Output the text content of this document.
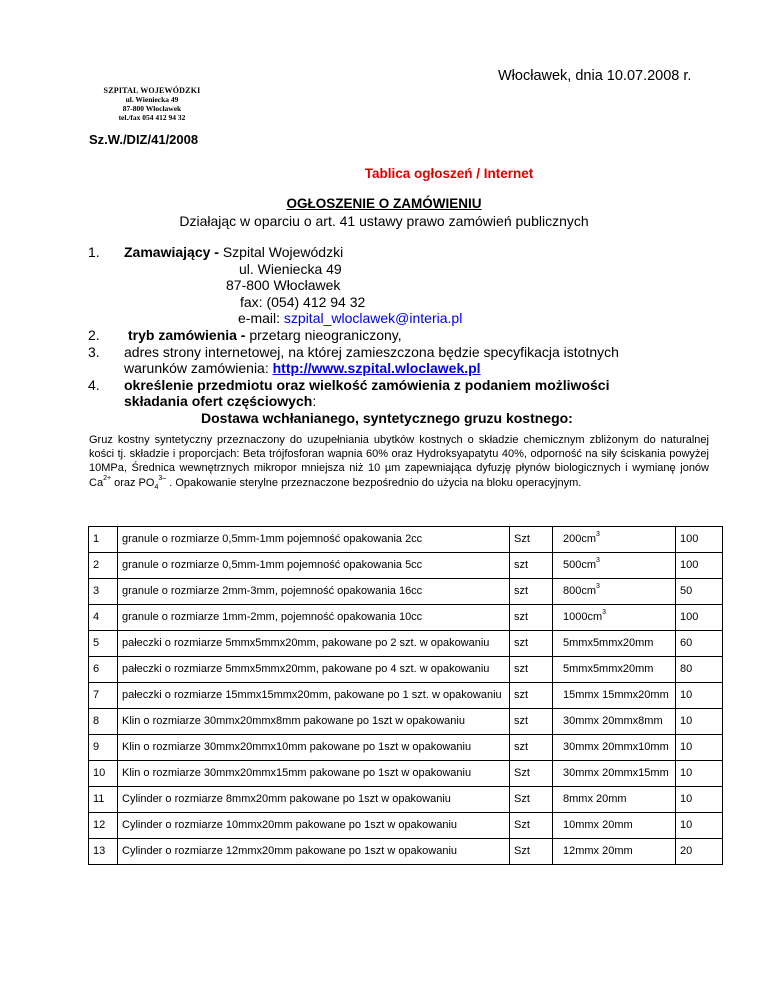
Włocławek, dnia 10.07.2008 r.
SZPITAL WOJEWÓDZKI
ul. Wieniecka 49
87-800 Włocławek
tel./fax 054 412 94 32
Sz.W./DIZ/41/2008
Tablica ogłoszeń / Internet
OGŁOSZENIE O ZAMÓWIENIU
Działając w oparciu o art. 41 ustawy prawo zamówień publicznych
1. Zamawiający - Szpital Wojewódzki
ul. Wieniecka 49
87-800 Włocławek
fax: (054) 412 94 32
e-mail: szpital_wloclawek@interia.pl
2. tryb zamówienia - przetarg nieograniczony,
3. adres strony internetowej, na której zamieszczona będzie specyfikacja istotnych
warunków zamówienia: http://www.szpital.wloclawek.pl
4. określenie przedmiotu oraz wielkość zamówienia z podaniem możliwości
składania ofert częściowych:
Dostawa wchłanianego, syntetycznego gruzu kostnego:
Gruz kostny syntetyczny przeznaczony do uzupełniania ubytków kostnych o składzie chemicznym zbliżonym do naturalnej kości tj. składzie i proporcjach: Beta trójfosforan wapnia 60% oraz Hydroksyapatytu 40%, odporność na siły ściskania powyżej 10MPa, Średnica wewnętrznych mikropor mniejsza niż 10 µm zapewniająca dyfuzję płynów biologicznych i wymianę jonów $Ca^{2+}$ oraz $PO_4^{3-}$ . Opakowanie sterylne przeznaczone bezpośrednio do użycia na bloku operacyjnym.
1	granule o rozmiarze 0,5mm-1mm pojemność opakowania 2cc	Szt	$200cm^3$	100
2	granule o rozmiarze 0,5mm-1mm pojemność opakowania 5cc	szt	$500cm^3$	100
3	granule o rozmiarze 2mm-3mm, pojemność opakowania 16cc	szt	$800cm^3$	50
4	granule o rozmiarze 1mm-2mm, pojemność opakowania 10cc	szt	$1000cm^3$	100
5	pałeczki o rozmiarze 5mmx5mmx20mm, pakowane po 2 szt. w opakowaniu	szt	5mmx5mmx20mm	60
6	pałeczki o rozmiarze 5mmx5mmx20mm, pakowane po 4 szt. w opakowaniu	szt	5mmx5mmx20mm	80
7	pałeczki o rozmiarze 15mmx15mmx20mm, pakowane po 1 szt. w opakowaniu	szt	15mmx 15mmx20mm	10
8	Klin o rozmiarze 30mmx20mmx8mm pakowane po 1szt w opakowaniu	szt	30mmx 20mmx8mm	10
9	Klin o rozmiarze 30mmx20mmx10mm pakowane po 1szt w opakowaniu	szt	30mmx 20mmx10mm	10
10	Klin o rozmiarze 30mmx20mmx15mm pakowane po 1szt w opakowaniu	Szt	30mmx 20mmx15mm	10
11	Cylinder o rozmiarze 8mmx20mm pakowane po 1szt w opakowaniu	Szt	8mmx 20mm	10
12	Cylinder o rozmiarze 10mmx20mm pakowane po 1szt w opakowaniu	Szt	10mmx 20mm	10
13	Cylinder o rozmiarze 12mmx20mm pakowane po 1szt w opakowaniu	Szt	12mmx 20mm	20
